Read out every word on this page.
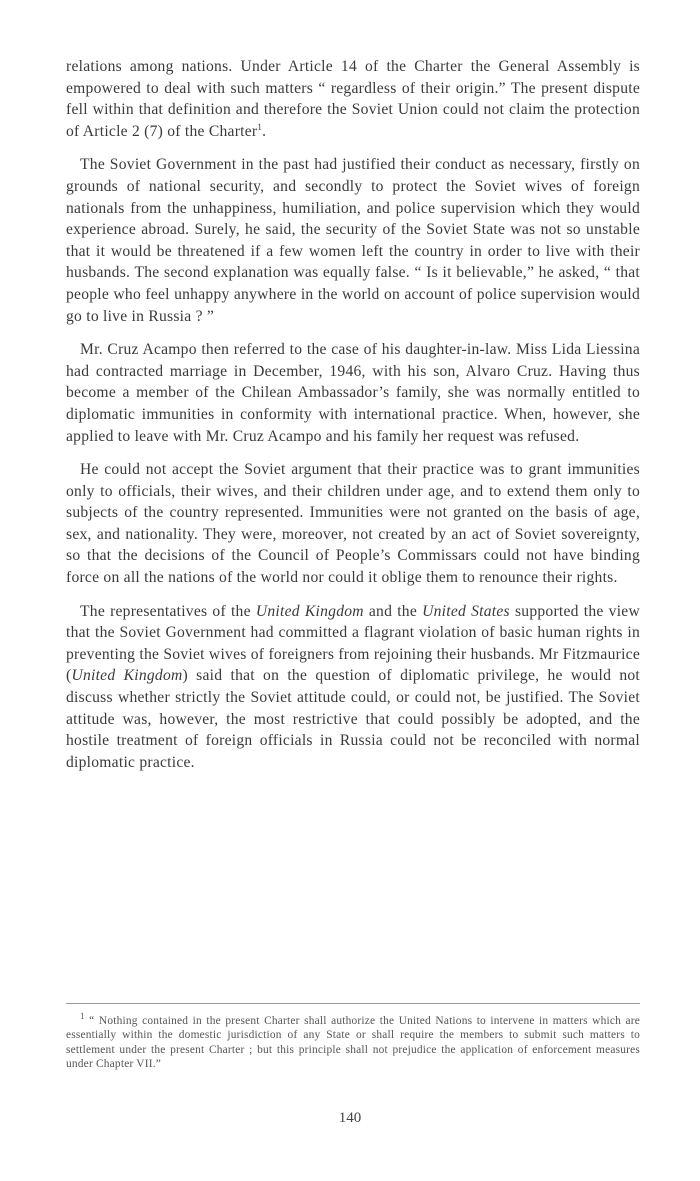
relations among nations. Under Article 14 of the Charter the General Assembly is empowered to deal with such matters “ regardless of their origin.” The present dispute fell within that definition and therefore the Soviet Union could not claim the protection of Article 2 (7) of the Charter$^1$.

The Soviet Government in the past had justified their conduct as necessary, firstly on grounds of national security, and secondly to protect the Soviet wives of foreign nationals from the unhappiness, humiliation, and police supervision which they would experience abroad. Surely, he said, the security of the Soviet State was not so unstable that it would be threatened if a few women left the country in order to live with their husbands. The second explanation was equally false. “ Is it believable,” he asked, “ that people who feel unhappy anywhere in the world on account of police supervision would go to live in Russia ? ”

Mr. Cruz Acampo then referred to the case of his daughter-in-law. Miss Lida Liessina had contracted marriage in December, 1946, with his son, Alvaro Cruz. Having thus become a member of the Chilean Ambassador’s family, she was normally entitled to diplomatic immunities in conformity with international practice. When, however, she applied to leave with Mr. Cruz Acampo and his family her request was refused.

He could not accept the Soviet argument that their practice was to grant immunities only to officials, their wives, and their children under age, and to extend them only to subjects of the country represented. Immunities were not granted on the basis of age, sex, and nationality. They were, moreover, not created by an act of Soviet sovereignty, so that the decisions of the Council of People’s Commissars could not have binding force on all the nations of the world nor could it oblige them to renounce their rights.

The representatives of the United Kingdom and the United States supported the view that the Soviet Government had committed a flagrant violation of basic human rights in preventing the Soviet wives of foreigners from rejoining their husbands. Mr Fitzmaurice (United Kingdom) said that on the question of diplomatic privilege, he would not discuss whether strictly the Soviet attitude could, or could not, be justified. The Soviet attitude was, however, the most restrictive that could possibly be adopted, and the hostile treatment of foreign officials in Russia could not be reconciled with normal diplomatic practice.

$^1$ “ Nothing contained in the present Charter shall authorize the United Nations to intervene in matters which are essentially within the domestic jurisdiction of any State or shall require the members to submit such matters to settlement under the present Charter ; but this principle shall not prejudice the application of enforcement measures under Chapter VII.”

140
